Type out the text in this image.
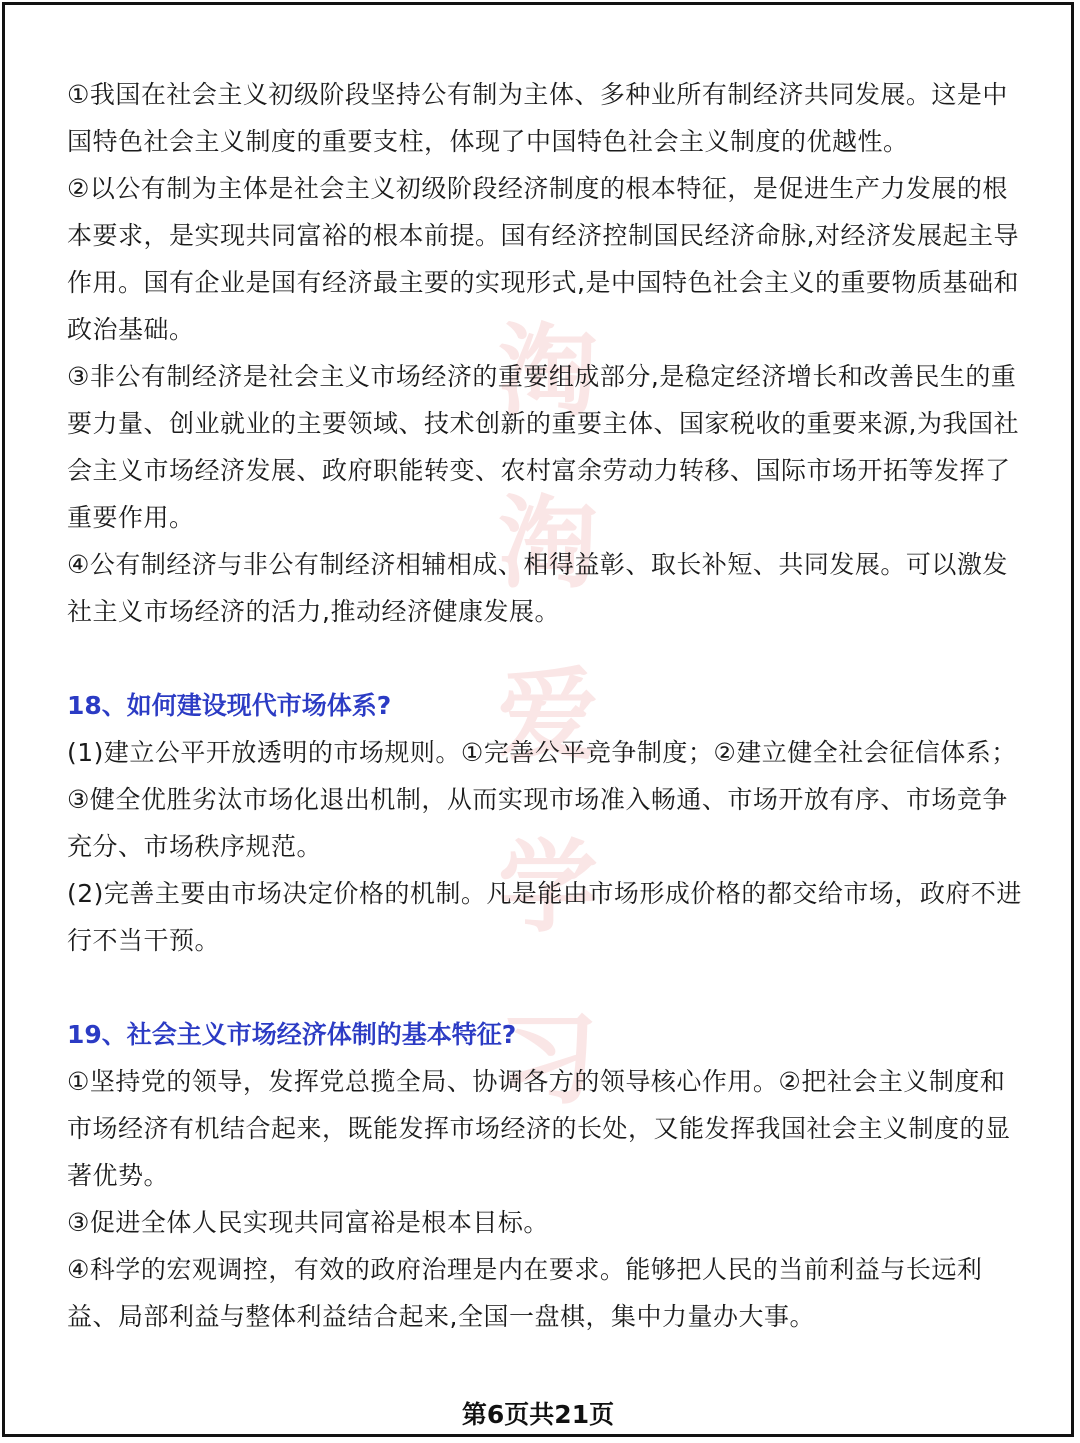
淘
淘
爱
学
习

①我国在社会主义初级阶段坚持公有制为主体、多种业所有制经济共同发展。这是中国特色社会主义制度的重要支柱，体现了中国特色社会主义制度的优越性。

②以公有制为主体是社会主义初级阶段经济制度的根本特征，是促进生产力发展的根本要求，是实现共同富裕的根本前提。国有经济控制国民经济命脉,对经济发展起主导作用。国有企业是国有经济最主要的实现形式,是中国特色社会主义的重要物质基础和政治基础。

③非公有制经济是社会主义市场经济的重要组成部分,是稳定经济增长和改善民生的重要力量、创业就业的主要领域、技术创新的重要主体、国家税收的重要来源,为我国社会主义市场经济发展、政府职能转变、农村富余劳动力转移、国际市场开拓等发挥了重要作用。

④公有制经济与非公有制经济相辅相成、相得益彰、取长补短、共同发展。可以激发社主义市场经济的活力,推动经济健康发展。

18、如何建设现代市场体系?

(1)建立公平开放透明的市场规则。①完善公平竞争制度；②建立健全社会征信体系；③健全优胜劣汰市场化退出机制，从而实现市场准入畅通、市场开放有序、市场竞争充分、市场秩序规范。

(2)完善主要由市场决定价格的机制。凡是能由市场形成价格的都交给市场，政府不进行不当干预。

19、社会主义市场经济体制的基本特征?

①坚持党的领导，发挥党总揽全局、协调各方的领导核心作用。②把社会主义制度和市场经济有机结合起来，既能发挥市场经济的长处，又能发挥我国社会主义制度的显著优势。

③促进全体人民实现共同富裕是根本目标。

④科学的宏观调控，有效的政府治理是内在要求。能够把人民的当前利益与长远利益、局部利益与整体利益结合起来,全国一盘棋，集中力量办大事。

第6页共21页
